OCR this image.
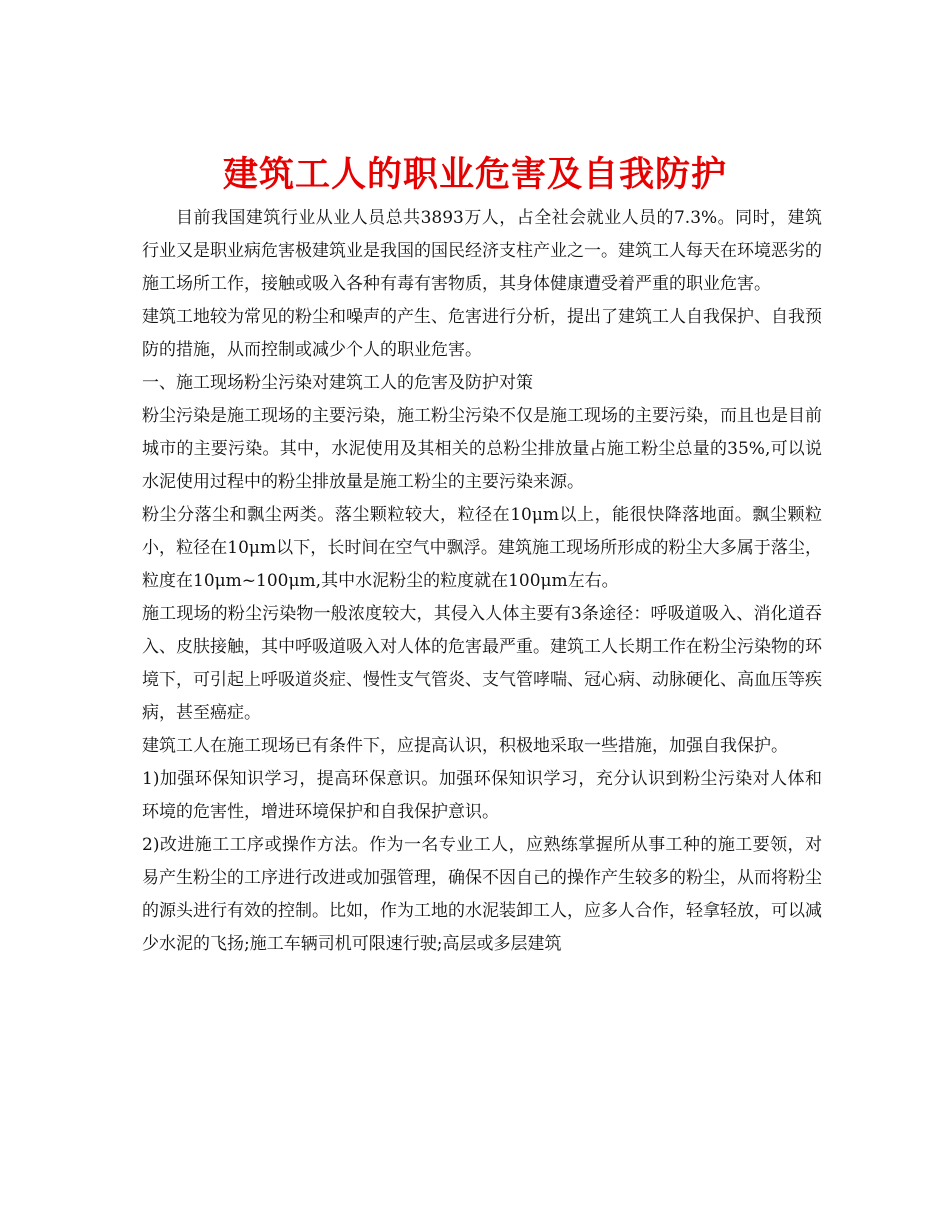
建筑工人的职业危害及自我防护

目前我国建筑行业从业人员总共3893万人，占全社会就业人员的7.3%。同时，建筑行业又是职业病危害极建筑业是我国的国民经济支柱产业之一。建筑工人每天在环境恶劣的施工场所工作，接触或吸入各种有毒有害物质，其身体健康遭受着严重的职业危害。

建筑工地较为常见的粉尘和噪声的产生、危害进行分析，提出了建筑工人自我保护、自我预防的措施，从而控制或减少个人的职业危害。

一、施工现场粉尘污染对建筑工人的危害及防护对策

粉尘污染是施工现场的主要污染，施工粉尘污染不仅是施工现场的主要污染，而且也是目前城市的主要污染。其中，水泥使用及其相关的总粉尘排放量占施工粉尘总量的35%,可以说水泥使用过程中的粉尘排放量是施工粉尘的主要污染来源。

粉尘分落尘和飘尘两类。落尘颗粒较大，粒径在10μm以上，能很快降落地面。飘尘颗粒小，粒径在10μm以下，长时间在空气中飘浮。建筑施工现场所形成的粉尘大多属于落尘，粒度在10μm~100μm,其中水泥粉尘的粒度就在100μm左右。

施工现场的粉尘污染物一般浓度较大，其侵入人体主要有3条途径：呼吸道吸入、消化道吞入、皮肤接触，其中呼吸道吸入对人体的危害最严重。建筑工人长期工作在粉尘污染物的环境下，可引起上呼吸道炎症、慢性支气管炎、支气管哮喘、冠心病、动脉硬化、高血压等疾病，甚至癌症。

建筑工人在施工现场已有条件下，应提高认识，积极地采取一些措施，加强自我保护。

1)加强环保知识学习，提高环保意识。加强环保知识学习，充分认识到粉尘污染对人体和环境的危害性，增进环境保护和自我保护意识。

2)改进施工工序或操作方法。作为一名专业工人，应熟练掌握所从事工种的施工要领，对易产生粉尘的工序进行改进或加强管理，确保不因自己的操作产生较多的粉尘，从而将粉尘的源头进行有效的控制。比如，作为工地的水泥装卸工人，应多人合作，轻拿轻放，可以减少水泥的飞扬;施工车辆司机可限速行驶;高层或多层建筑
